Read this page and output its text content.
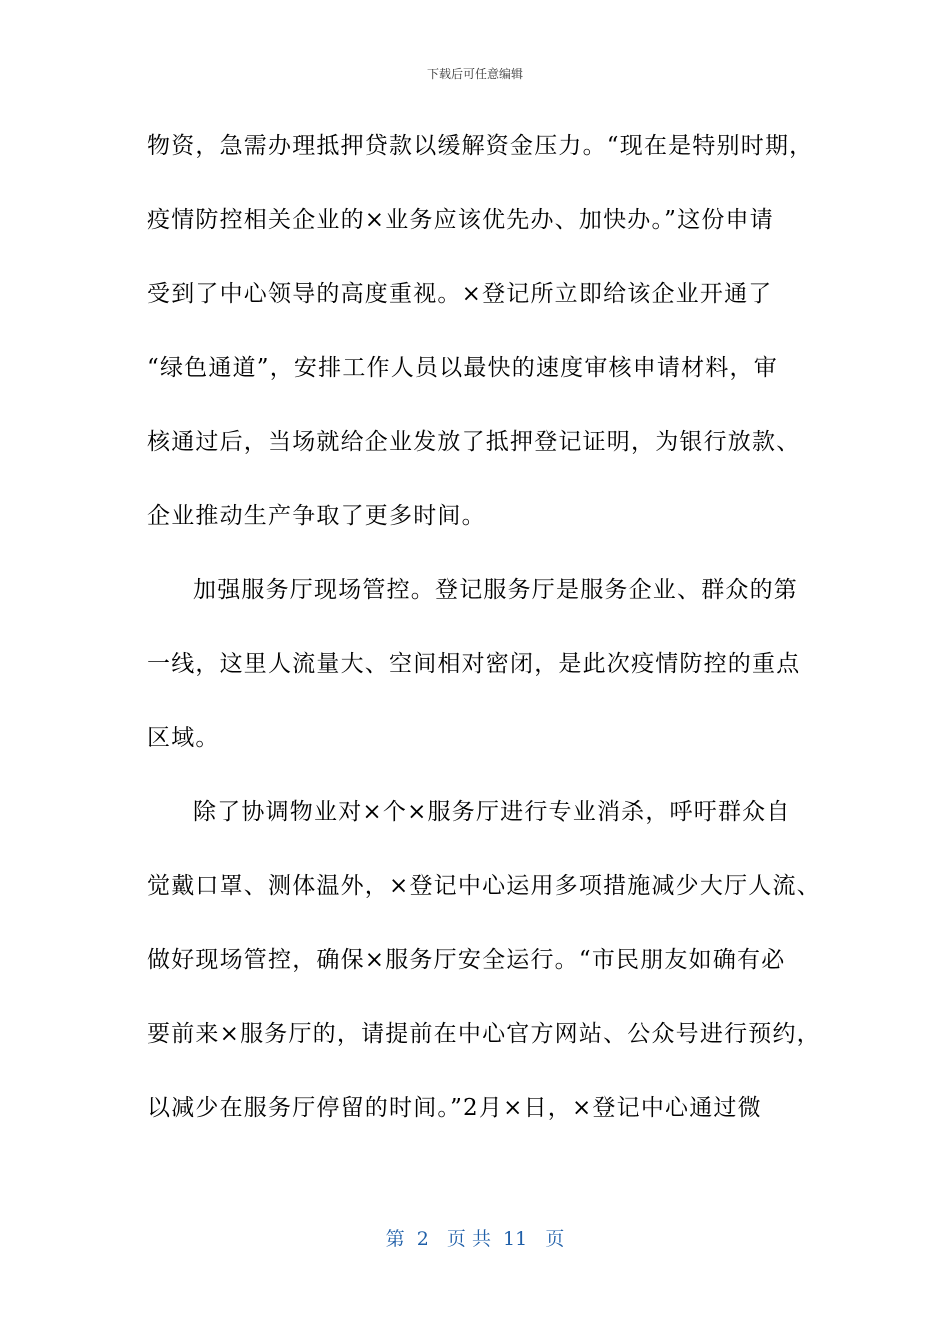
下载后可任意编辑
物资，急需办理抵押贷款以缓解资金压力。“现在是特别时期，
疫情防控相关企业的×业务应该优先办、加快办。”这份申请
受到了中心领导的高度重视。×登记所立即给该企业开通了
“绿色通道”，安排工作人员以最快的速度审核申请材料，审
核通过后，当场就给企业发放了抵押登记证明，为银行放款、
企业推动生产争取了更多时间。
加强服务厅现场管控。登记服务厅是服务企业、群众的第
一线，这里人流量大、空间相对密闭，是此次疫情防控的重点
区域。
除了协调物业对×个×服务厅进行专业消杀，呼吁群众自
觉戴口罩、测体温外，×登记中心运用多项措施减少大厅人流、
做好现场管控，确保×服务厅安全运行。“市民朋友如确有必
要前来×服务厅的，请提前在中心官方网站、公众号进行预约，
以减少在服务厅停留的时间。”2月×日，×登记中心通过微
第  2   页 共  11   页
